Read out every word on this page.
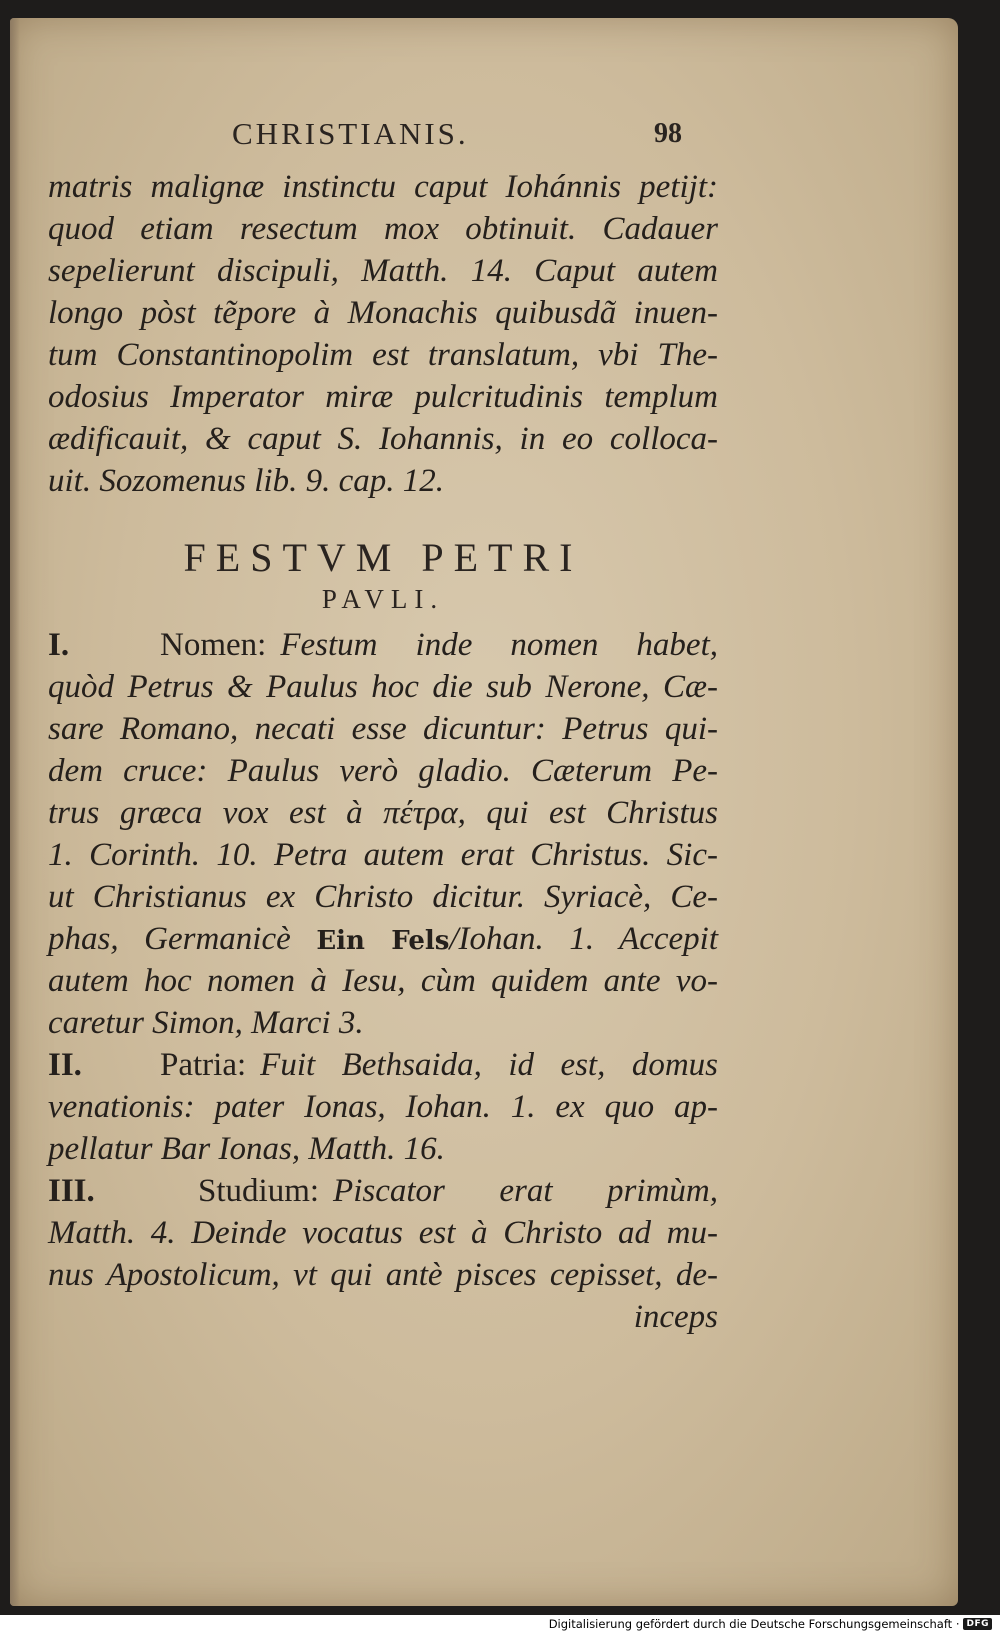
CHRISTIANIS.	98
matris malignæ instinctu caput Iohánnis petijt:
quod etiam resectum mox obtinuit. Cadauer
sepelierunt discipuli, Matth. 14. Caput autem
longo pòst tẽpore à Monachis quibusdã inuen-
tum Constantinopolim est translatum, vbi The-
odosius Imperator miræ pulcritudinis templum
ædificauit, & caput S. Iohannis, in eo colloca-
uit. Sozomenus lib. 9. cap. 12.
FESTVM PETRI
PAVLI.
I.	Nomen: Festum inde nomen habet,
quòd Petrus & Paulus hoc die sub Nerone, Cæ-
sare Romano, necati esse dicuntur: Petrus qui-
dem cruce: Paulus verò gladio. Cæterum Pe-
trus græca vox est à πέτρα, qui est Christus
1. Corinth. 10. Petra autem erat Christus. Sic-
ut Christianus ex Christo dicitur. Syriacè, Ce-
phas, Germanicè Ein Fels/Iohan. 1. Accepit
autem hoc nomen à Iesu, cùm quidem ante vo-
caretur Simon, Marci 3.
II.	Patria: Fuit Bethsaida, id est, domus
venationis: pater Ionas, Iohan. 1. ex quo ap-
pellatur Bar Ionas, Matth. 16.
III.	Studium: Piscator erat primùm,
Matth. 4. Deinde vocatus est à Christo ad mu-
nus Apostolicum, vt qui antè pisces cepisset, de-
inceps
Digitalisierung gefördert durch die Deutsche Forschungsgemeinschaft · DFG
